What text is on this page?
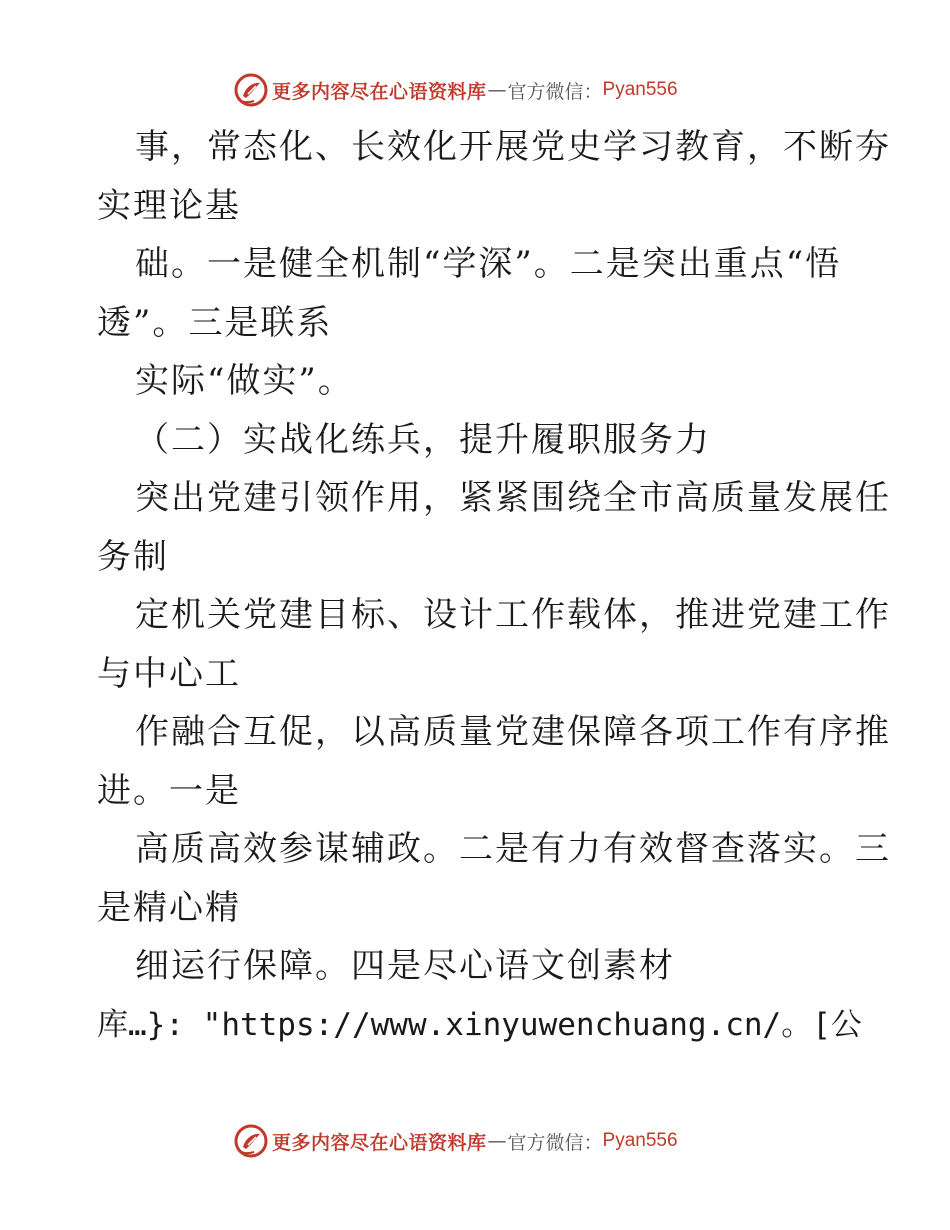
更多内容尽在心语资料库 — 官方微信： Pyan556
事，常态化、长效化开展党史学习教育，不断夯
实理论基
础。一是健全机制“学深”。二是突出重点“悟
透”。三是联系
实际“做实”。
（二）实战化练兵，提升履职服务力
突出党建引领作用，紧紧围绕全市高质量发展任
务制
定机关党建目标、设计工作载体，推进党建工作
与中心工
作融合互促，以高质量党建保障各项工作有序推
进。一是
高质高效参谋辅政。二是有力有效督查落实。三
是精心精
细运行保障。四是尽心语文创素材
库…}: "https://www.xinyuwenchuang.cn/。[公
更多内容尽在心语资料库 — 官方微信： Pyan556
